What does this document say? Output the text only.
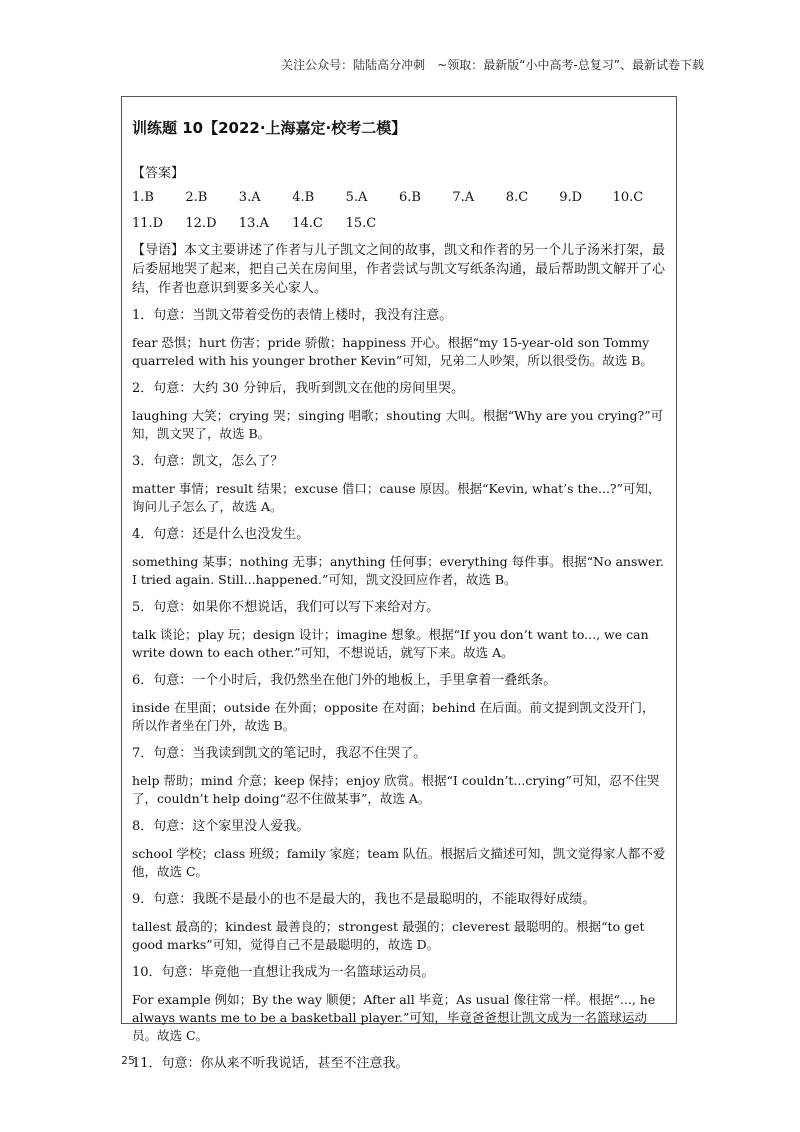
关注公众号：陆陆高分冲刺　~领取：最新版“小中高考-总复习”、最新试卷下载
训练题 10【2022·上海嘉定·校考二模】
【答案】
1.B	2.B	3.A	4.B	5.A	6.B	7.A	8.C	9.D	10.C
11.D	12.D	13.A	14.C	15.C
【导语】本文主要讲述了作者与儿子凯文之间的故事，凯文和作者的另一个儿子汤米打架，最后委屈地哭了起来，把自己关在房间里，作者尝试与凯文写纸条沟通，最后帮助凯文解开了心结，作者也意识到要多关心家人。
1．句意：当凯文带着受伤的表情上楼时，我没有注意。
fear 恐惧；hurt 伤害；pride 骄傲；happiness 开心。根据“my 15-year-old son Tommy quarreled with his younger brother Kevin”可知，兄弟二人吵架，所以很受伤。故选 B。
2．句意：大约 30 分钟后，我听到凯文在他的房间里哭。
laughing 大笑；crying 哭；singing 唱歌；shouting 大叫。根据“Why are you crying?”可知，凯文哭了，故选 B。
3．句意：凯文，怎么了？
matter 事情；result 结果；excuse 借口；cause 原因。根据“Kevin, what’s the...?”可知，询问儿子怎么了，故选 A。
4．句意：还是什么也没发生。
something 某事；nothing 无事；anything 任何事；everything 每件事。根据“No answer. I tried again. Still...happened.”可知，凯文没回应作者，故选 B。
5．句意：如果你不想说话，我们可以写下来给对方。
talk 谈论；play 玩；design 设计；imagine 想象。根据“If you don’t want to..., we can write down to each other.”可知，不想说话，就写下来。故选 A。
6．句意：一个小时后，我仍然坐在他门外的地板上，手里拿着一叠纸条。
inside 在里面；outside 在外面；opposite 在对面；behind 在后面。前文提到凯文没开门，所以作者坐在门外，故选 B。
7．句意：当我读到凯文的笔记时，我忍不住哭了。
help 帮助；mind 介意；keep 保持；enjoy 欣赏。根据“I couldn’t...crying”可知，忍不住哭了，couldn’t help doing“忍不住做某事”，故选 A。
8．句意：这个家里没人爱我。
school 学校；class 班级；family 家庭；team 队伍。根据后文描述可知，凯文觉得家人都不爱他，故选 C。
9．句意：我既不是最小的也不是最大的，我也不是最聪明的，不能取得好成绩。
tallest 最高的；kindest 最善良的；strongest 最强的；cleverest 最聪明的。根据“to get good marks”可知，觉得自己不是最聪明的，故选 D。
10．句意：毕竟他一直想让我成为一名篮球运动员。
For example 例如；By the way 顺便；After all 毕竟；As usual 像往常一样。根据“..., he always wants me to be a basketball player.”可知，毕竟爸爸想让凯文成为一名篮球运动员。故选 C。
11．句意：你从来不听我说话，甚至不注意我。
25
